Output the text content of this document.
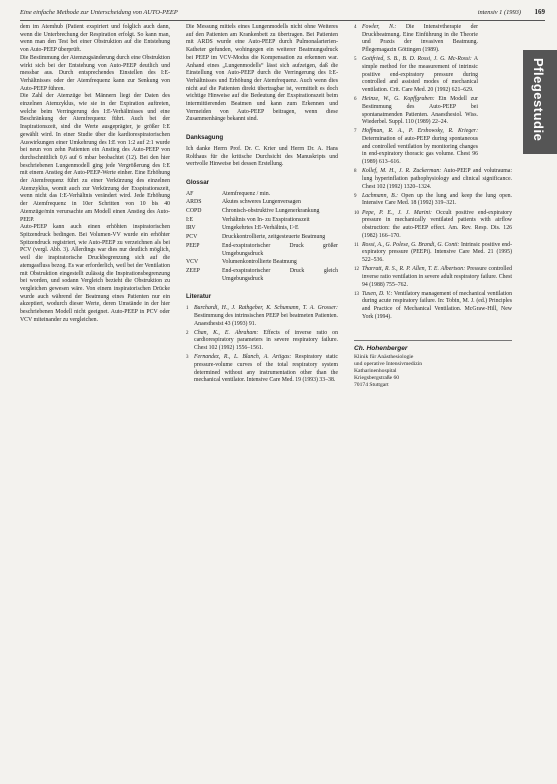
Eine einfache Methode zur Unterscheidung von AUTO-PEEP	intensiv 1 (1993) 169
Pflegestudie

dem im Atemhub (Patient exspiriert und folglich auch dann, wenn die Unterbrechung der Respiration erfolgt. So kann man, wenn man den Test bei einer Obstruktion auf die Entstehung von Auto-PEEP überprüft.

Die Bestimmung der Atemzugsänderung durch eine Obstruktion wirkt sich bei der Entstehung von Auto-PEEP deutlich und messbar aus. Durch entsprechendes Einstellen des I:E-Verhältnisses oder der Atemfrequenz kann zur Senkung von Auto-PEEP führen.

Die Zahl der Atemzüge bei Männern liegt der Daten des einzelnen Atemzyklus, wie sie in der Expiration auftreten, welche beim Verringerung des I:E-Verhältnisses und eine Beschränkung der Atemfrequenz führt. Auch bei der Inspirationszeit, sind die Werte ausgeprägter, je größer I:E gewählt wird. In einer Studie über die kardiorespiratorischen Auswirkungen einer Umkehrung des I:E von 1:2 auf 2:1 wurde bei neun von zehn Patienten ein Anstieg des Auto-PEEP von durchschnittlich 0,6 auf 6 mbar beobachtet (12). Bei den hier beschriebenen Lungenmodell ging jede Vergrößerung des I:E mit einem Anstieg der Auto-PEEP-Werte einher. Eine Erhöhung der Atemfrequenz führt zu einer Verkürzung des einzelnen Atemzyklus, womit auch zur Verkürzung der Exspirationszeit, wenn nicht das I:E-Verhältnis verändert wird. Jede Erhöhung der Atemfrequenz in 10er Schritten von 10 bis 40 Atemzüge/min verursachte am Modell einen Anstieg des Auto-PEEP.

Auto-PEEP kann auch einen erhöhten inspiratorischen Spitzendruck bedingen. Bei Volumen-VV wurde ein erhöhter Spitzendruck registriert, wie Auto-PEEP zu verzeichnen als bei PCV (vergl. Abb. 3). Allerdings war dies nur deutlich möglich, weil die inspiratorische Druckbegrenzung sich auf die atemgasfluss bezog. Es war erforderlich, weil bei der Ventilation mit Obstruktion eingestellt zulässig die Inspirationsbegrenzung bei worden, und sodann Vergleich bezieht die Obstruktion zu vergleichen gewesen wäre. Von einem inspiratorischen Drücke wurde auch während der Beatmung eines Patienten nur ein akzeptiert, wodurch dieser Werte, deren Umstände in der hier beschriebenen Modell nicht geeignet. Auto-PEEP in PCV oder VCV miteinander zu vergleichen.

Die Messung mittels eines Lungenmodells nicht ohne Weiteres auf den Patienten am Krankenbett zu übertragen. Bei Patienten mit ARDS wurde eine Auto-PEEP durch Pulmonalarterien-Katheter gefunden, wohingegen ein weiterer Beatmungsdruck bei PEEP im VCV-Modus die Kompensation zu erkennen war. Anhand eines „Lungenmodells“ lässt sich aufzeigen, daß die Einstellung von Auto-PEEP durch die Verringerung des I:E-Verhältnisses und Erhöhung der Atemfrequenz. Auch wenn dies nicht auf die Patienten direkt übertragbar ist, vermittelt es doch wichtige Hinweise auf die Bedeutung der Exspirationszeit beim intermittierenden Beatmen und kann zum Erkennen und Vermeiden von Auto-PEEP beitragen, wenn diese Zusammenhänge bekannt sind.

Danksagung

Ich danke Herrn Prof. Dr. C. Krier und Herrn Dr. A. Hans Rolthaus für die kritische Durchsicht des Manuskripts und wertvolle Hinweise bei dessen Erstellung.

Glossar
AF	Atemfrequenz / min.
ARDS	Akutes schweres Lungenversagen
COPD	Chronisch-obstruktive Lungenerkrankung
I:E	Verhältnis von In- zu Exspirationszeit
IRV	Umgekehrtes I:E-Verhältnis, I>E
PCV	Druckkontrollierte, zeitgesteuerte Beatmung
PEEP	End-exspiratorischer Druck größer Umgebungsdruck
VCV	Volumenkontrollierte Beatmung
ZEEP	End-exspiratorischer Druck gleich Umgebungsdruck
Literatur
1 Burchardi, H., J. Rathgeber, K. Schumann, T. A. Grosser: Bestimmung des intrinsischen PEEP bei beatmeten Patienten. Anaesthesist 43 (1993) 91.
2 Chan, K., E. Abraham: Effects of inverse ratio on cardiorespiratory parameters in severe respiratory failure. Chest 102 (1992) 1556–1561.
3 Fernandez, R., L. Blanch, A. Artigas: Respiratory static pressure-volume curves of the total respiratory system determined without any instrumentation other than the mechanical ventilator. Intensive Care Med. 19 (1993) 33–38.
4 Fowler, N.: Die Intensivtherapie der Druckbeatmung. Eine Einführung in die Theorie und Praxis der invasiven Beatmung. Pflegemagazin Göttingen (1989).
5 Gottfried, S. B., B. D. Rossi, J. G. Mc-Rossi: A simple method for the measurement of intrinsic positive end-expiratory pressure during controlled and assisted modes of mechanical ventilation. Crit. Care Med. 20 (1992) 621–629.
6 Heinze, W., G. Kopffgraben: Ein Modell zur Bestimmung des Auto-PEEP bei spontanatmenden Patienten. Anaesthesiol. Wiss. Wiederbel. Suppl. 110 (1989) 22–24.
7 Hoffman, R. A., P. Ershowsky, R. Krieger: Determination of auto-PEEP during spontaneous and controlled ventilation by monitoring changes in end-expiratory thoracic gas volume. Chest 96 (1989) 613–616.
8 Kollef, M. H., J. R. Zuckerman: Auto-PEEP and volutrauma: lung hyperinflation pathophysiology and clinical significance. Chest 102 (1992) 1320–1324.
9 Lachmann, B.: Open up the lung and keep the lung open. Intensive Care Med. 18 (1992) 319–321.
10 Pepe, P. E., J. J. Marini: Occult positive end-expiratory pressure in mechanically ventilated patients with airflow obstruction: the auto-PEEP effect. Am. Rev. Resp. Dis. 126 (1982) 166–170.
11 Rossi, A., G. Polese, G. Brandi, G. Conti: Intrinsic positive end-expiratory pressure (PEEPi). Intensive Care Med. 21 (1995) 522–536.
12 Tharratt, R. S., R. P. Allen, T. E. Albertson: Pressure controlled inverse ratio ventilation in severe adult respiratory failure. Chest 94 (1988) 755–762.
13 Tuxen, D. V.: Ventilatory management of mechanical ventilation during acute respiratory failure. In: Tobin, M. J. (ed.) Principles and Practice of Mechanical Ventilation. McGraw-Hill, New York (1994).
Ch. Hohenberger
Klinik für Anästhesiologie
und operative Intensivmedizin
Katharinenhospital
Kriegsbergstraße 60
70174 Stuttgart
